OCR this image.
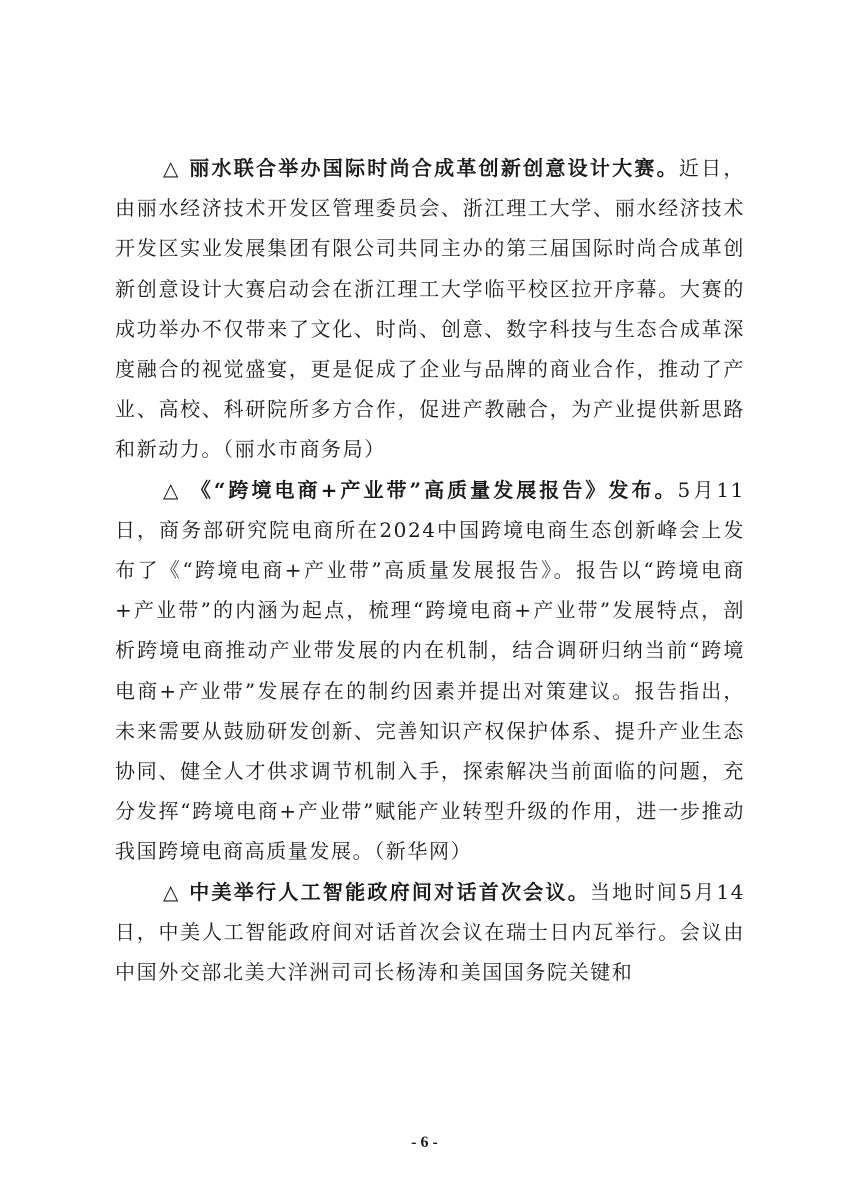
△ 丽水联合举办国际时尚合成革创新创意设计大赛。近日，由丽水经济技术开发区管理委员会、浙江理工大学、丽水经济技术开发区实业发展集团有限公司共同主办的第三届国际时尚合成革创新创意设计大赛启动会在浙江理工大学临平校区拉开序幕。大赛的成功举办不仅带来了文化、时尚、创意、数字科技与生态合成革深度融合的视觉盛宴，更是促成了企业与品牌的商业合作，推动了产业、高校、科研院所多方合作，促进产教融合，为产业提供新思路和新动力。（丽水市商务局）

△ 《“跨境电商+产业带”高质量发展报告》发布。5月11日，商务部研究院电商所在2024中国跨境电商生态创新峰会上发布了《“跨境电商+产业带”高质量发展报告》。报告以“跨境电商+产业带”的内涵为起点，梳理“跨境电商+产业带”发展特点，剖析跨境电商推动产业带发展的内在机制，结合调研归纳当前“跨境电商+产业带”发展存在的制约因素并提出对策建议。报告指出，未来需要从鼓励研发创新、完善知识产权保护体系、提升产业生态协同、健全人才供求调节机制入手，探索解决当前面临的问题，充分发挥“跨境电商+产业带”赋能产业转型升级的作用，进一步推动我国跨境电商高质量发展。（新华网）

△ 中美举行人工智能政府间对话首次会议。当地时间5月14日，中美人工智能政府间对话首次会议在瑞士日内瓦举行。会议由中国外交部北美大洋洲司司长杨涛和美国国务院关键和

- 6 -
